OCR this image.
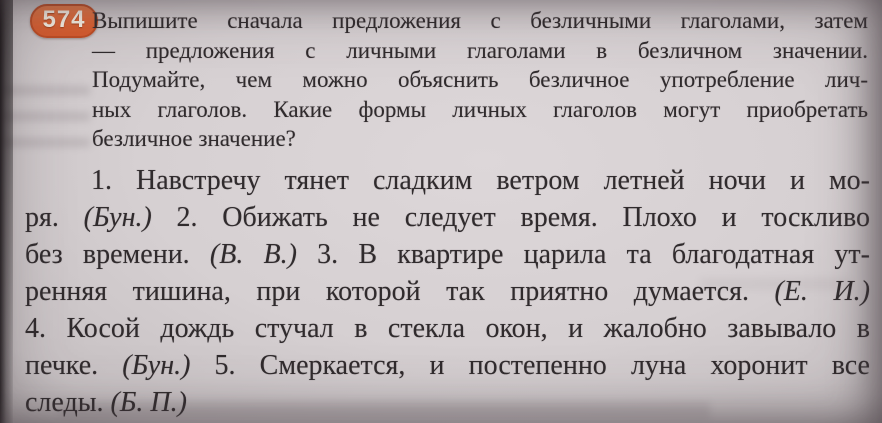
574 Выпишите сначала предложения с безличными глаголами, затем
— предложения с личными глаголами в безличном значении.
Подумайте, чем можно объяснить безличное употребление лич-
ных глаголов. Какие формы личных глаголов могут приобретать
безличное значение?
1. Навстречу тянет сладким ветром летней ночи и мо-
ря. (Бун.) 2. Обижать не следует время. Плохо и тоскливо
без времени. (В. В.) 3. В квартире царила та благодатная ут-
ренняя тишина, при которой так приятно думается. (Е. И.)
4. Косой дождь стучал в стекла окон, и жалобно завывало в
печке. (Бун.) 5. Смеркается, и постепенно луна хоронит все
следы. (Б. П.)
